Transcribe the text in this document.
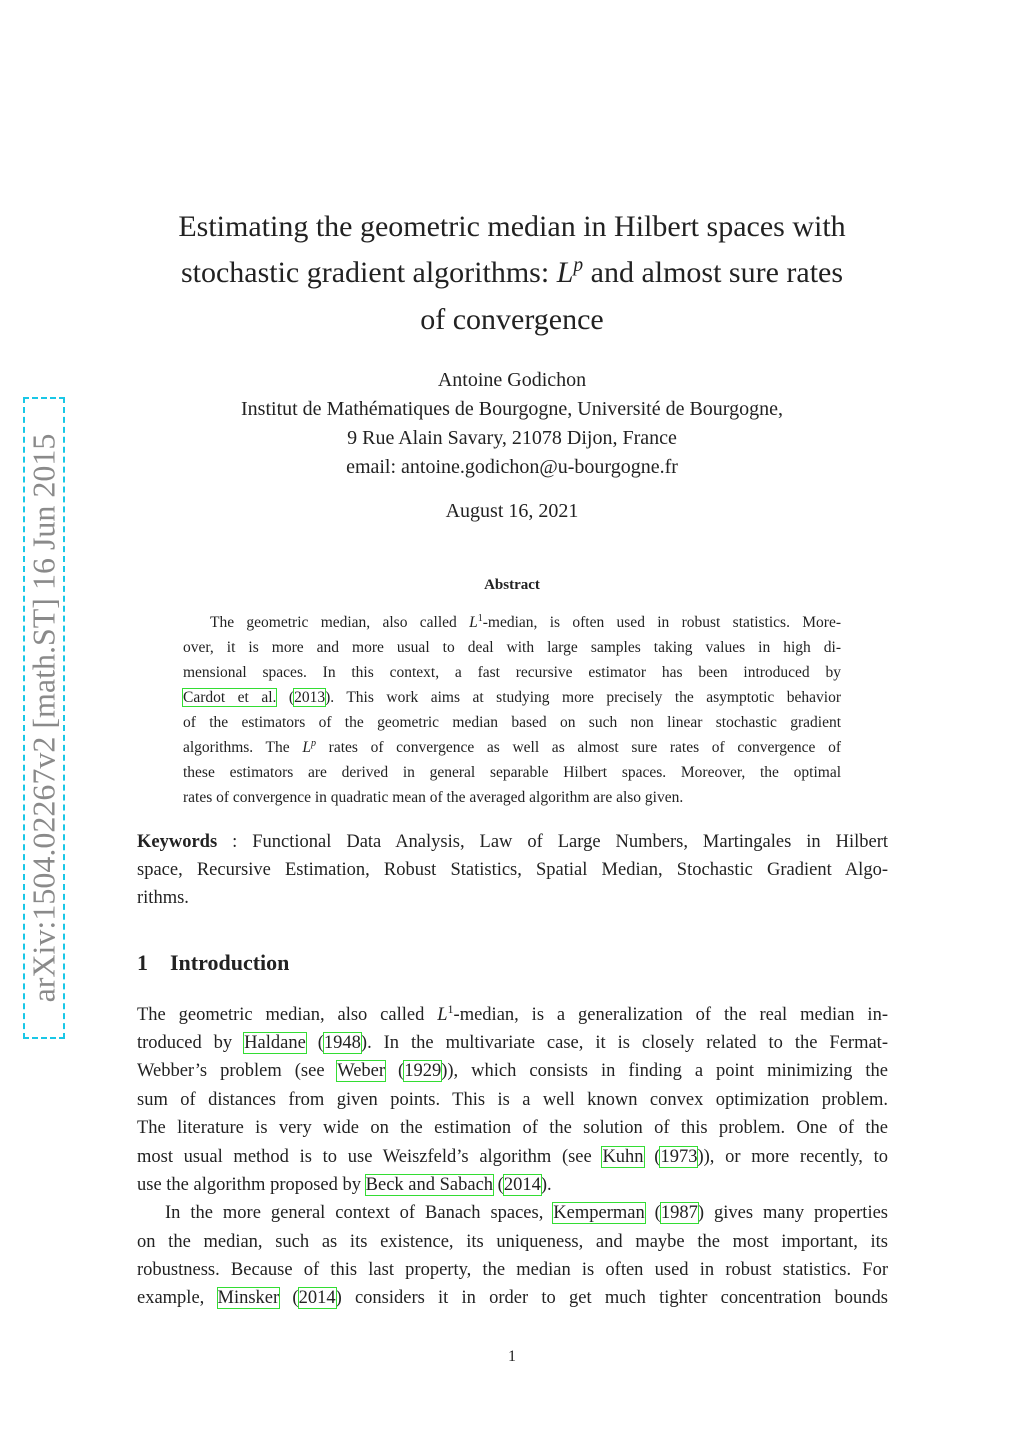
arXiv:1504.02267v2 [math.ST] 16 Jun 2015
Estimating the geometric median in Hilbert spaces with
stochastic gradient algorithms: $L^p$ and almost sure rates
of convergence
Antoine Godichon
Institut de Mathématiques de Bourgogne, Université de Bourgogne,
9 Rue Alain Savary, 21078 Dijon, France
email: antoine.godichon@u-bourgogne.fr
August 16, 2021
Abstract
The geometric median, also called $L^1$-median, is often used in robust statistics. More-
over, it is more and more usual to deal with large samples taking values in high di-
mensional spaces. In this context, a fast recursive estimator has been introduced by
Cardot et al. (2013). This work aims at studying more precisely the asymptotic behavior
of the estimators of the geometric median based on such non linear stochastic gradient
algorithms. The $L^p$ rates of convergence as well as almost sure rates of convergence of
these estimators are derived in general separable Hilbert spaces. Moreover, the optimal
rates of convergence in quadratic mean of the averaged algorithm are also given.
Keywords : Functional Data Analysis, Law of Large Numbers, Martingales in Hilbert
space, Recursive Estimation, Robust Statistics, Spatial Median, Stochastic Gradient Algo-
rithms.
1 Introduction
The geometric median, also called $L^1$-median, is a generalization of the real median in-
troduced by Haldane (1948). In the multivariate case, it is closely related to the Fermat-
Webber’s problem (see Weber (1929)), which consists in finding a point minimizing the
sum of distances from given points. This is a well known convex optimization problem.
The literature is very wide on the estimation of the solution of this problem. One of the
most usual method is to use Weiszfeld’s algorithm (see Kuhn (1973)), or more recently, to
use the algorithm proposed by Beck and Sabach (2014).
In the more general context of Banach spaces, Kemperman (1987) gives many properties
on the median, such as its existence, its uniqueness, and maybe the most important, its
robustness. Because of this last property, the median is often used in robust statistics. For
example, Minsker (2014) considers it in order to get much tighter concentration bounds
1
